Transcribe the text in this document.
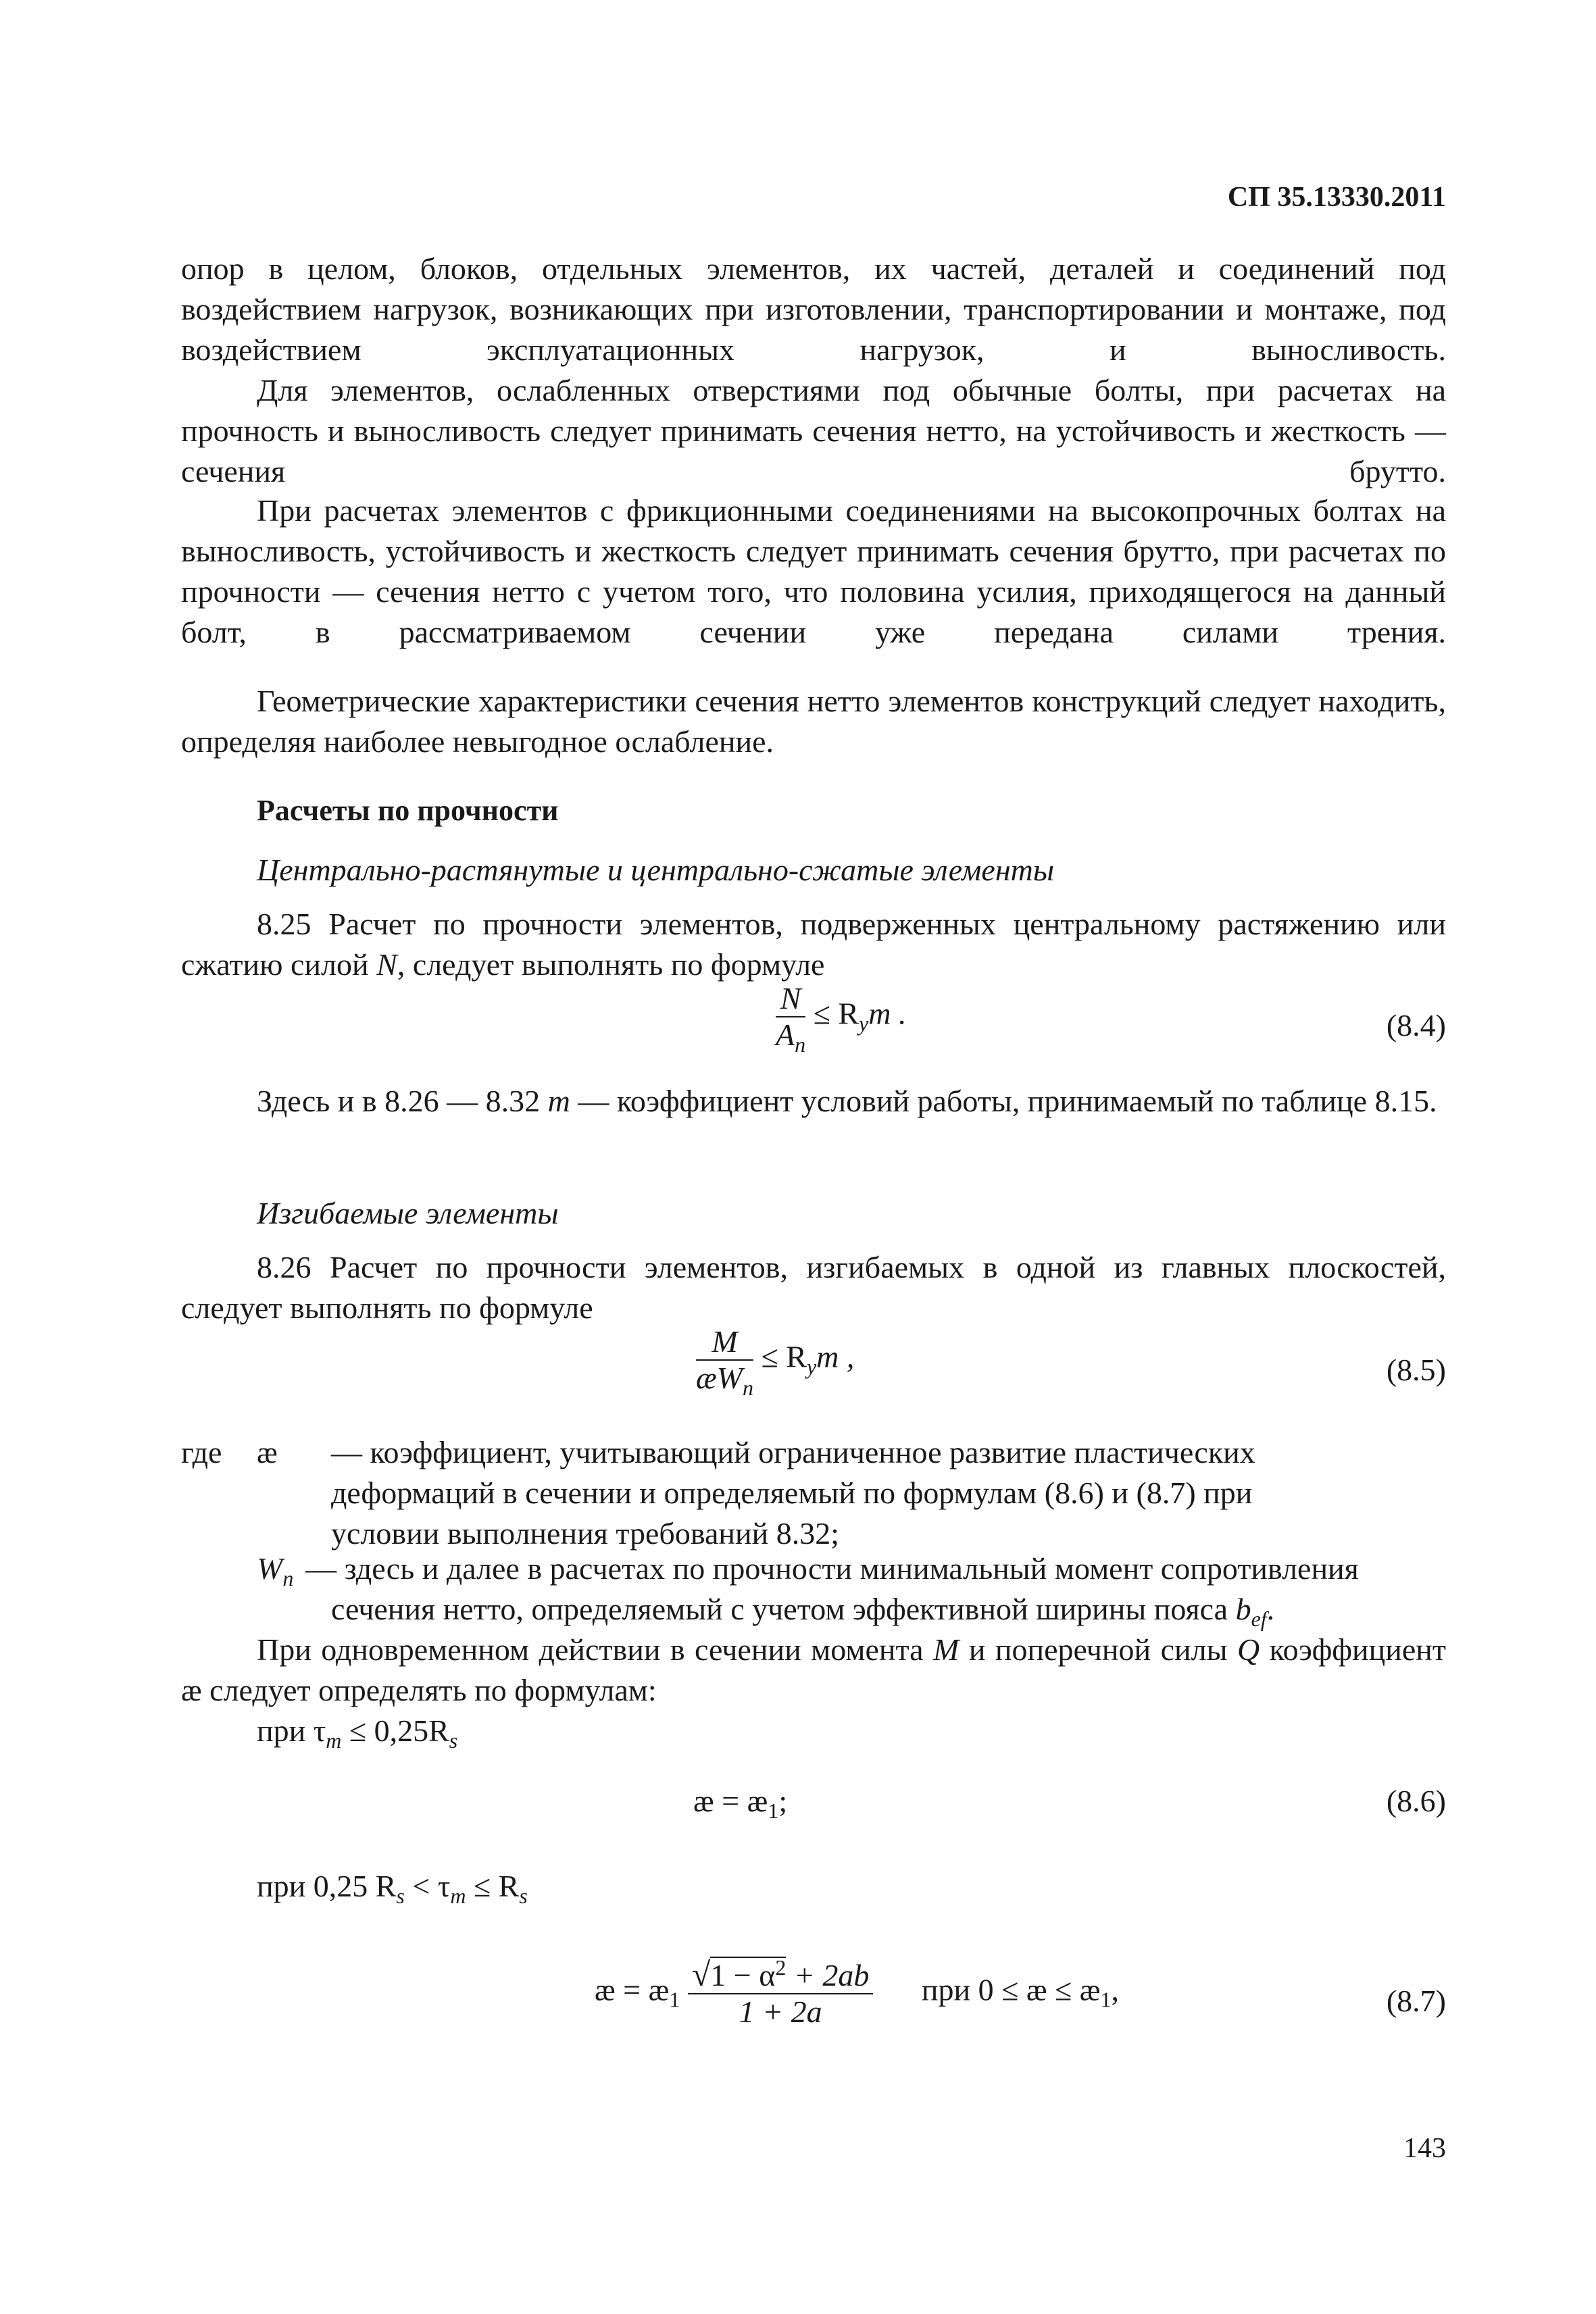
СП 35.13330.2011
опор в целом, блоков, отдельных элементов, их частей, деталей и соединений под воздействием нагрузок, возникающих при изготовлении, транспортировании и монтаже, под воздействием эксплуатационных нагрузок, и выносливость.
Для элементов, ослабленных отверстиями под обычные болты, при расчетах на прочность и выносливость следует принимать сечения нетто, на устойчивость и жесткость — сечения брутто.
При расчетах элементов с фрикционными соединениями на высокопрочных болтах на выносливость, устойчивость и жесткость следует принимать сечения брутто, при расчетах по прочности — сечения нетто с учетом того, что половина усилия, приходящегося на данный болт, в рассматриваемом сечении уже передана силами трения.
Геометрические характеристики сечения нетто элементов конструкций следует находить, определяя наиболее невыгодное ослабление.
Расчеты по прочности
Центрально-растянутые и центрально-сжатые элементы
8.25 Расчет по прочности элементов, подверженных центральному растяжению или сжатию силой N, следует выполнять по формуле
$\frac{N}{A_n} \le R_ym$ .	(8.4)
Здесь и в 8.26 — 8.32 m — коэффициент условий работы, принимаемый по таблице 8.15.
Изгибаемые элементы
8.26 Расчет по прочности элементов, изгибаемых в одной из главных плоскостей, следует выполнять по формуле
$\frac{M}{æW_n} \le R_ym$ ,	(8.5)
где æ — коэффициент, учитывающий ограниченное развитие пластических
деформаций в сечении и определяемый по формулам (8.6) и (8.7) при
условии выполнения требований 8.32;
$W_n$ — здесь и далее в расчетах по прочности минимальный момент сопротивления
сечения нетто, определяемый с учетом эффективной ширины пояса $b_{ef}$.
При одновременном действии в сечении момента M и поперечной силы Q коэффициент æ следует определять по формулам:
при $\tau_m \le 0,25R_s$
æ = $æ_1$;	(8.6)
при 0,25 $R_s < \tau_m \le R_s$
æ = $æ_1 \frac{√1 - \alpha^2 + 2ab}{1 + 2a}$ при 0 ≤ æ ≤ $æ_1$,	(8.7)
143
